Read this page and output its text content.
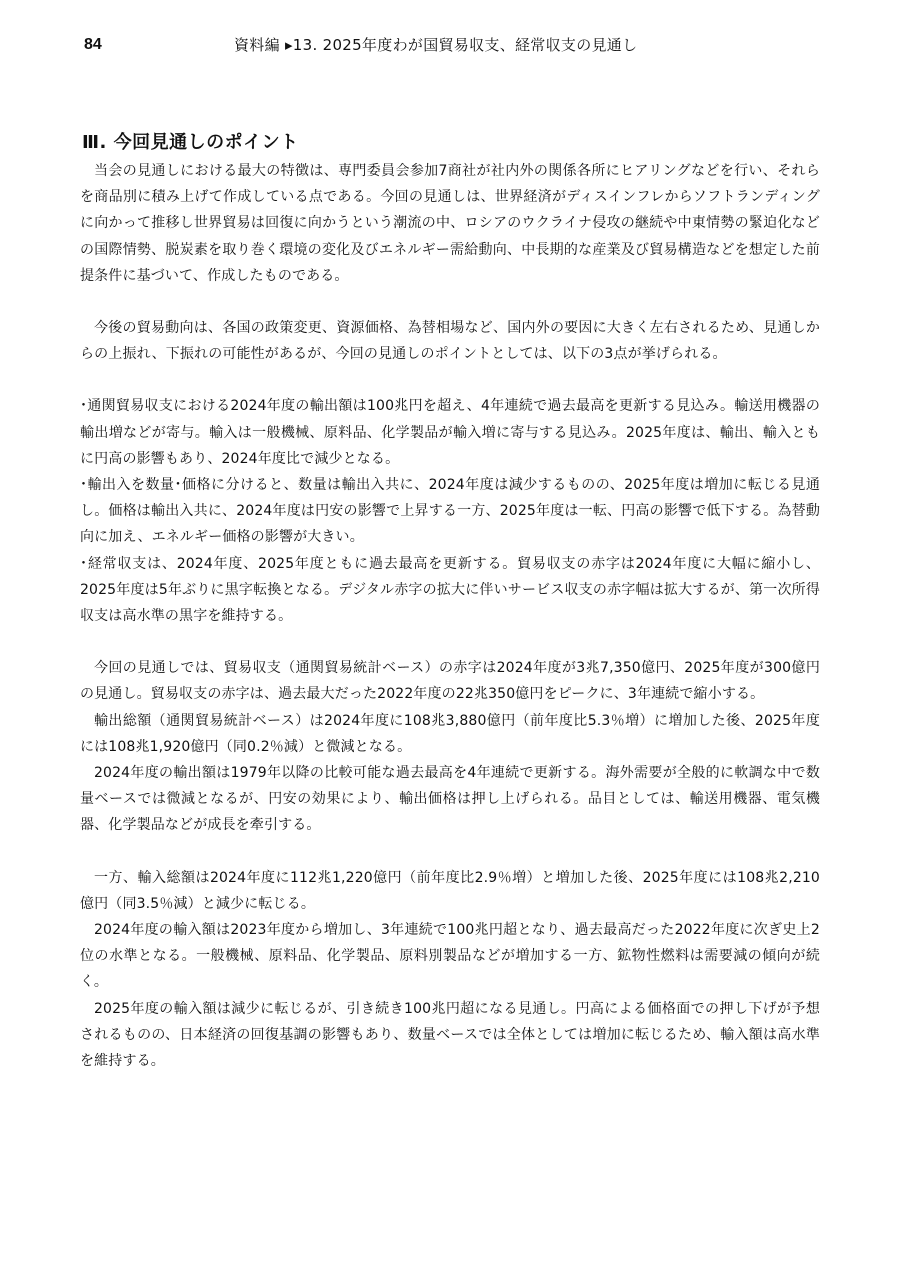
84	資料編 ▸13. 2025年度わが国貿易収支、経常収支の見通し
Ⅲ. 今回見通しのポイント

当会の見通しにおける最大の特徴は、専門委員会参加7商社が社内外の関係各所にヒアリングなどを行い、それらを商品別に積み上げて作成している点である。今回の見通しは、世界経済がディスインフレからソフトランディングに向かって推移し世界貿易は回復に向かうという潮流の中、ロシアのウクライナ侵攻の継続や中東情勢の緊迫化などの国際情勢、脱炭素を取り巻く環境の変化及びエネルギー需給動向、中長期的な産業及び貿易構造などを想定した前提条件に基づいて、作成したものである。

今後の貿易動向は、各国の政策変更、資源価格、為替相場など、国内外の要因に大きく左右されるため、見通しからの上振れ、下振れの可能性があるが、今回の見通しのポイントとしては、以下の3点が挙げられる。

･通関貿易収支における2024年度の輸出額は100兆円を超え、4年連続で過去最高を更新する見込み。輸送用機器の輸出増などが寄与。輸入は一般機械、原料品、化学製品が輸入増に寄与する見込み。2025年度は、輸出、輸入ともに円高の影響もあり、2024年度比で減少となる。

･輸出入を数量･価格に分けると、数量は輸出入共に、2024年度は減少するものの、2025年度は増加に転じる見通し。価格は輸出入共に、2024年度は円安の影響で上昇する一方、2025年度は一転、円高の影響で低下する。為替動向に加え、エネルギー価格の影響が大きい。

･経常収支は、2024年度、2025年度ともに過去最高を更新する。貿易収支の赤字は2024年度に大幅に縮小し、2025年度は5年ぶりに黒字転換となる。デジタル赤字の拡大に伴いサービス収支の赤字幅は拡大するが、第一次所得収支は高水準の黒字を維持する。

今回の見通しでは、貿易収支（通関貿易統計ベース）の赤字は2024年度が3兆7,350億円、2025年度が300億円の見通し。貿易収支の赤字は、過去最大だった2022年度の22兆350億円をピークに、3年連続で縮小する。

輸出総額（通関貿易統計ベース）は2024年度に108兆3,880億円（前年度比5.3％増）に増加した後、2025年度には108兆1,920億円（同0.2％減）と微減となる。

2024年度の輸出額は1979年以降の比較可能な過去最高を4年連続で更新する。海外需要が全般的に軟調な中で数量ベースでは微減となるが、円安の効果により、輸出価格は押し上げられる。品目としては、輸送用機器、電気機器、化学製品などが成長を牽引する。

一方、輸入総額は2024年度に112兆1,220億円（前年度比2.9％増）と増加した後、2025年度には108兆2,210億円（同3.5％減）と減少に転じる。

2024年度の輸入額は2023年度から増加し、3年連続で100兆円超となり、過去最高だった2022年度に次ぎ史上2位の水準となる。一般機械、原料品、化学製品、原料別製品などが増加する一方、鉱物性燃料は需要減の傾向が続く。

2025年度の輸入額は減少に転じるが、引き続き100兆円超になる見通し。円高による価格面での押し下げが予想されるものの、日本経済の回復基調の影響もあり、数量ベースでは全体としては増加に転じるため、輸入額は高水準を維持する。
